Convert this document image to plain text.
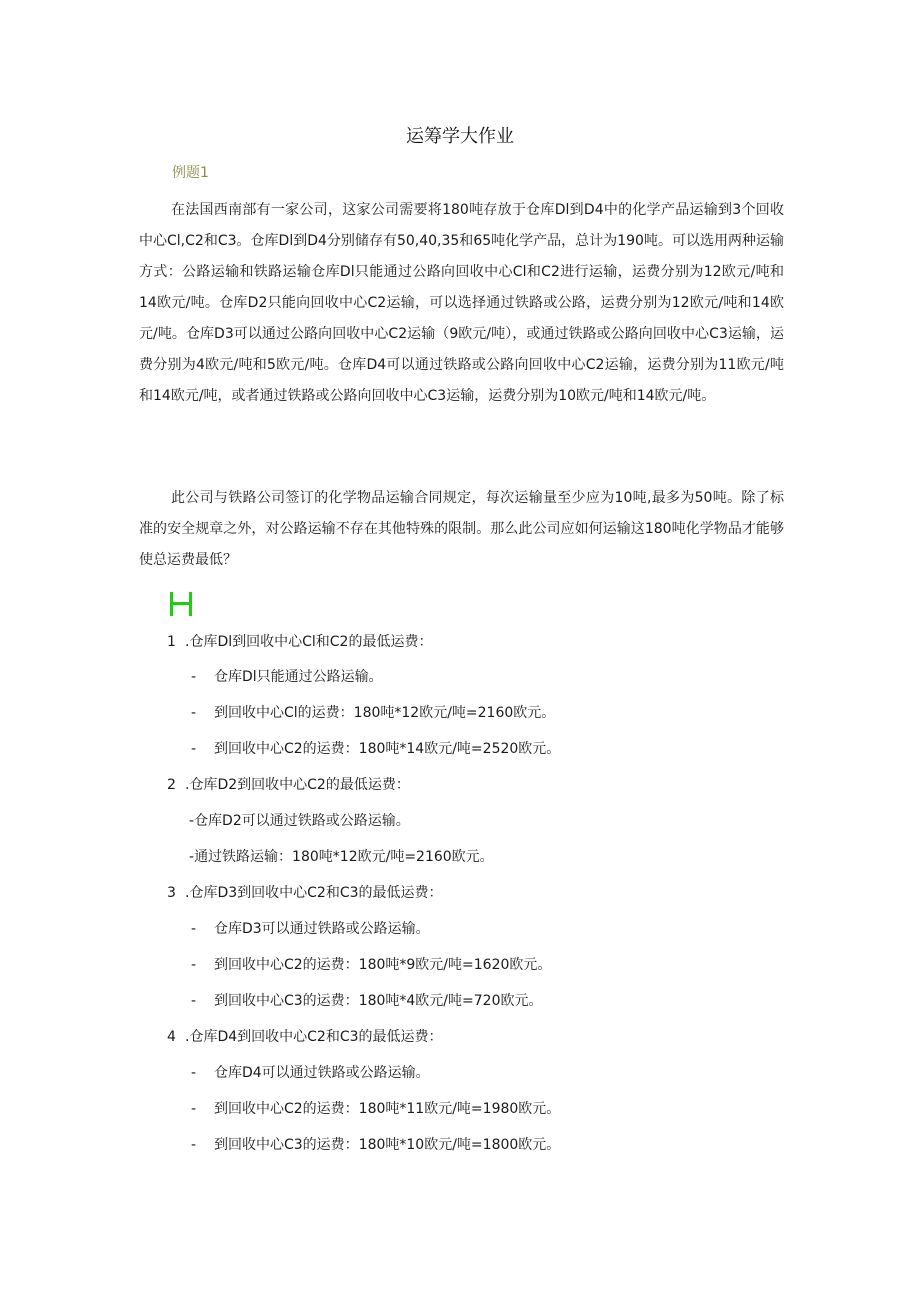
运筹学大作业
例题1

在法国西南部有一家公司，这家公司需要将180吨存放于仓库Dl到D4中的化学产品运输到3个回收中心Cl,C2和C3。仓库Dl到D4分别储存有50,40,35和65吨化学产品，总计为190吨。可以选用两种运输方式：公路运输和铁路运输仓库Dl只能通过公路向回收中心Cl和C2进行运输，运费分别为12欧元/吨和14欧元/吨。仓库D2只能向回收中心C2运输，可以选择通过铁路或公路，运费分别为12欧元/吨和14欧元/吨。仓库D3可以通过公路向回收中心C2运输（9欧元/吨），或通过铁路或公路向回收中心C3运输，运费分别为4欧元/吨和5欧元/吨。仓库D4可以通过铁路或公路向回收中心C2运输，运费分别为11欧元/吨和14欧元/吨，或者通过铁路或公路向回收中心C3运输，运费分别为10欧元/吨和14欧元/吨。

此公司与铁路公司签订的化学物品运输合同规定，每次运输量至少应为10吨,最多为50吨。除了标准的安全规章之外，对公路运输不存在其他特殊的限制。那么此公司应如何运输这180吨化学物品才能够使总运费最低？

1 .仓库Dl到回收中心Cl和C2的最低运费：
- 仓库Dl只能通过公路运输。
- 到回收中心Cl的运费：180吨*12欧元/吨=2160欧元。
- 到回收中心C2的运费：180吨*14欧元/吨=2520欧元。
2 .仓库D2到回收中心C2的最低运费：
-仓库D2可以通过铁路或公路运输。
-通过铁路运输：180吨*12欧元/吨=2160欧元。
3 .仓库D3到回收中心C2和C3的最低运费：
- 仓库D3可以通过铁路或公路运输。
- 到回收中心C2的运费：180吨*9欧元/吨=1620欧元。
- 到回收中心C3的运费：180吨*4欧元/吨=720欧元。
4 .仓库D4到回收中心C2和C3的最低运费：
- 仓库D4可以通过铁路或公路运输。
- 到回收中心C2的运费：180吨*11欧元/吨=1980欧元。
- 到回收中心C3的运费：180吨*10欧元/吨=1800欧元。
